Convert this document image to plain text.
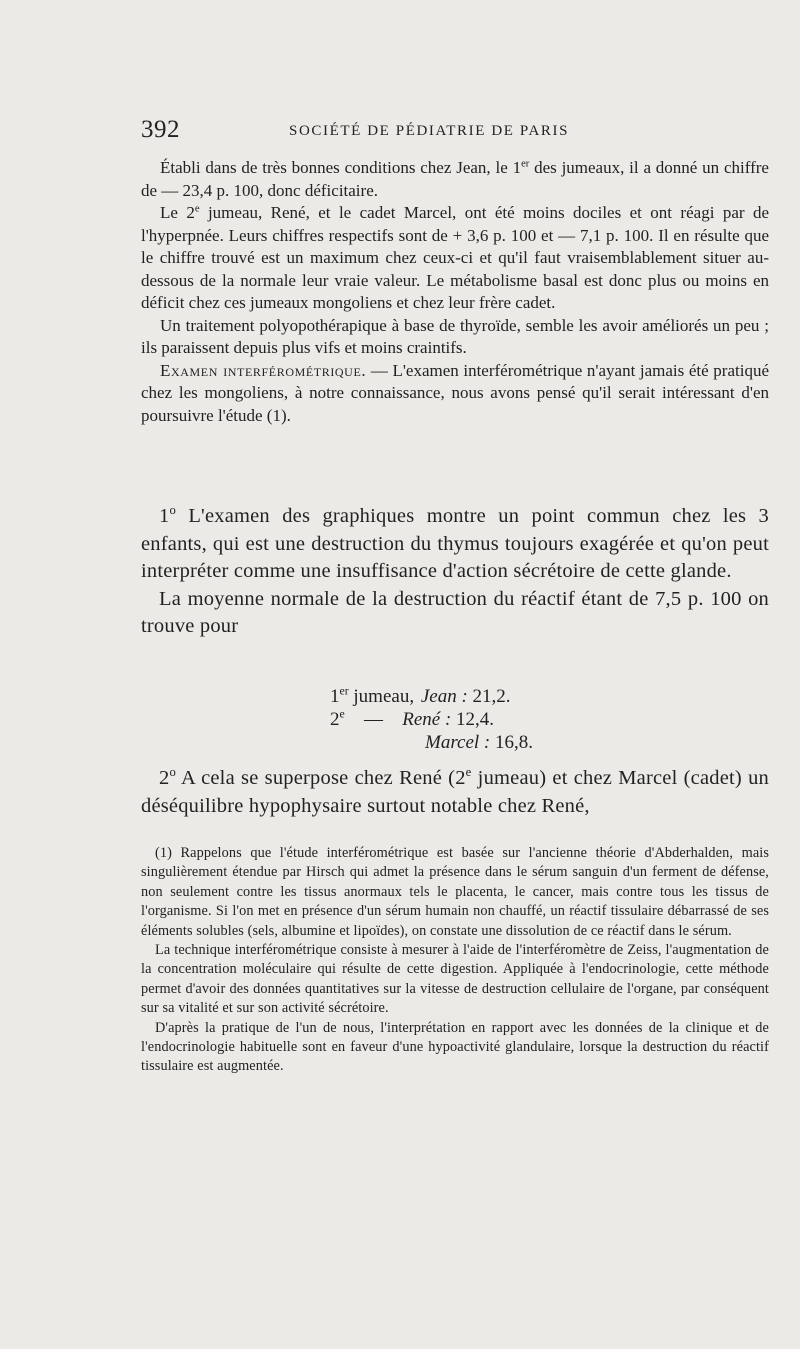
392	SOCIÉTÉ DE PÉDIATRIE DE PARIS

Établi dans de très bonnes conditions chez Jean, le 1er des jumeaux, il a donné un chiffre de — 23,4 p. 100, donc déficitaire.

Le 2e jumeau, René, et le cadet Marcel, ont été moins dociles et ont réagi par de l'hyperpnée. Leurs chiffres respectifs sont de + 3,6 p. 100 et — 7,1 p. 100. Il en résulte que le chiffre trouvé est un maximum chez ceux-ci et qu'il faut vraisemblablement situer au-dessous de la normale leur vraie valeur. Le métabolisme basal est donc plus ou moins en déficit chez ces jumeaux mongoliens et chez leur frère cadet.

Un traitement polyopothérapique à base de thyroïde, semble les avoir améliorés un peu ; ils paraissent depuis plus vifs et moins craintifs.

Examen interférométrique. — L'examen interférométrique n'ayant jamais été pratiqué chez les mongoliens, à notre connaissance, nous avons pensé qu'il serait intéressant d'en poursuivre l'étude (1).

1$^o$ L'examen des graphiques montre un point commun chez les 3 enfants, qui est une destruction du thymus toujours exagérée et qu'on peut interpréter comme une insuffisance d'action sécrétoire de cette glande.

La moyenne normale de la destruction du réactif étant de 7,5 p. 100 on trouve pour

1er jumeau, Jean : 21,2.
2e — René : 12,4.
Marcel : 16,8.

2$^o$ A cela se superpose chez René (2e jumeau) et chez Marcel (cadet) un déséquilibre hypophysaire surtout notable chez René,

(1) Rappelons que l'étude interférométrique est basée sur l'ancienne théorie d'Abderhalden, mais singulièrement étendue par Hirsch qui admet la présence dans le sérum sanguin d'un ferment de défense, non seulement contre les tissus anormaux tels le placenta, le cancer, mais contre tous les tissus de l'organisme. Si l'on met en présence d'un sérum humain non chauffé, un réactif tissulaire débarrassé de ses éléments solubles (sels, albumine et lipoïdes), on constate une dissolution de ce réactif dans le sérum.

La technique interférométrique consiste à mesurer à l'aide de l'interféromètre de Zeiss, l'augmentation de la concentration moléculaire qui résulte de cette digestion. Appliquée à l'endocrinologie, cette méthode permet d'avoir des données quantitatives sur la vitesse de destruction cellulaire de l'organe, par conséquent sur sa vitalité et sur son activité sécrétoire.

D'après la pratique de l'un de nous, l'interprétation en rapport avec les données de la clinique et de l'endocrinologie habituelle sont en faveur d'une hypoactivité glandulaire, lorsque la destruction du réactif tissulaire est augmentée.
